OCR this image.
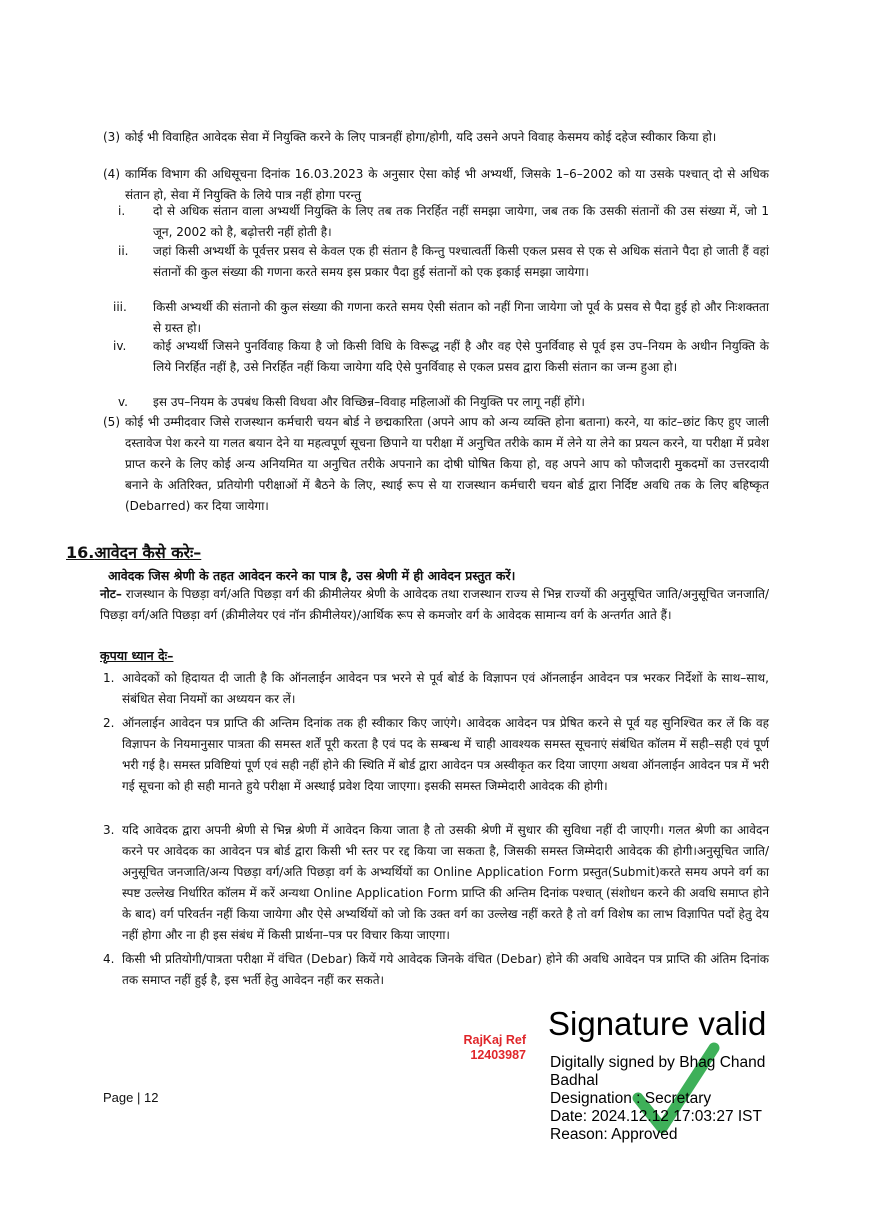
(3) कोई भी विवाहित आवेदक सेवा में नियुक्ति करने के लिए पात्रनहीं होगा/होगी, यदि उसने अपने विवाह केसमय कोई दहेज स्वीकार किया हो।
(4) कार्मिक विभाग की अधिसूचना दिनांक 16.03.2023 के अनुसार ऐसा कोई भी अभ्यर्थी, जिसके 1–6–2002 को या उसके पश्चात् दो से अधिक संतान हो, सेवा में नियुक्ति के लिये पात्र नहीं होगा परन्तु
i. दो से अधिक संतान वाला अभ्यर्थी नियुक्ति के लिए तब तक निरर्हित नहीं समझा जायेगा, जब तक कि उसकी संतानों की उस संख्या में, जो 1 जून, 2002 को है, बढ़ोत्तरी नहीं होती है।
ii. जहां किसी अभ्यर्थी के पूर्वत्तर प्रसव से केवल एक ही संतान है किन्तु पश्चात्वर्ती किसी एकल प्रसव से एक से अधिक संताने पैदा हो जाती हैं वहां संतानों की कुल संख्या की गणना करते समय इस प्रकार पैदा हुई संतानों को एक इकाई समझा जायेगा।
iii. किसी अभ्यर्थी की संतानो की कुल संख्या की गणना करते समय ऐसी संतान को नहीं गिना जायेगा जो पूर्व के प्रसव से पैदा हुई हो और निःशक्तता से ग्रस्त हो।
iv. कोई अभ्यर्थी जिसने पुनर्विवाह किया है जो किसी विधि के विरूद्ध नहीं है और वह ऐसे पुनर्विवाह से पूर्व इस उप–नियम के अधीन नियुक्ति के लिये निरर्हित नहीं है, उसे निरर्हित नहीं किया जायेगा यदि ऐसे पुनर्विवाह से एकल प्रसव द्वारा किसी संतान का जन्म हुआ हो।
v. इस उप–नियम के उपबंध किसी विधवा और विच्छिन्न–विवाह महिलाओं की नियुक्ति पर लागू नहीं होंगे।
(5) कोई भी उम्मीदवार जिसे राजस्थान कर्मचारी चयन बोर्ड ने छद्मकारिता (अपने आप को अन्य व्यक्ति होना बताना) करने, या कांट–छांट किए हुए जाली दस्तावेज पेश करने या गलत बयान देने या महत्वपूर्ण सूचना छिपाने या परीक्षा में अनुचित तरीके काम में लेने या लेने का प्रयत्न करने, या परीक्षा में प्रवेश प्राप्त करने के लिए कोई अन्य अनियमित या अनुचित तरीके अपनाने का दोषी घोषित किया हो, वह अपने आप को फौजदारी मुकदमों का उत्तरदायी बनाने के अतिरिक्त, प्रतियोगी परीक्षाओं में बैठने के लिए, स्थाई रूप से या राजस्थान कर्मचारी चयन बोर्ड द्वारा निर्दिष्ट अवधि तक के लिए बहिष्कृत (Debarred) कर दिया जायेगा।
16.आवेदन कैसे करेः–
आवेदक जिस श्रेणी के तहत आवेदन करने का पात्र है, उस श्रेणी में ही आवेदन प्रस्तुत करें।
नोट– राजस्थान के पिछड़ा वर्ग/अति पिछड़ा वर्ग की क्रीमीलेयर श्रेणी के आवेदक तथा राजस्थान राज्य से भिन्न राज्यों की अनुसूचित जाति/अनुसूचित जनजाति/पिछड़ा वर्ग/अति पिछड़ा वर्ग (क्रीमीलेयर एवं नॉन क्रीमीलेयर)/आर्थिक रूप से कमजोर वर्ग के आवेदक सामान्य वर्ग के अन्तर्गत आते हैं।
कृपया ध्यान देः–
1. आवेदकों को हिदायत दी जाती है कि ऑनलाईन आवेदन पत्र भरने से पूर्व बोर्ड के विज्ञापन एवं ऑनलाईन आवेदन पत्र भरकर निर्देशों के साथ–साथ, संबंधित सेवा नियमों का अध्ययन कर लें।
2. ऑनलाईन आवेदन पत्र प्राप्ति की अन्तिम दिनांक तक ही स्वीकार किए जाएंगे। आवेदक आवेदन पत्र प्रेषित करने से पूर्व यह सुनिश्चित कर लें कि वह विज्ञापन के नियमानुसार पात्रता की समस्त शर्तें पूरी करता है एवं पद के सम्बन्ध में चाही आवश्यक समस्त सूचनाएं संबंधित कॉलम में सही–सही एवं पूर्ण भरी गई है। समस्त प्रविष्टियां पूर्ण एवं सही नहीं होने की स्थिति में बोर्ड द्वारा आवेदन पत्र अस्वीकृत कर दिया जाएगा अथवा ऑनलाईन आवेदन पत्र में भरी गई सूचना को ही सही मानते हुये परीक्षा में अस्थाई प्रवेश दिया जाएगा। इसकी समस्त जिम्मेदारी आवेदक की होगी।
3. यदि आवेदक द्वारा अपनी श्रेणी से भिन्न श्रेणी में आवेदन किया जाता है तो उसकी श्रेणी में सुधार की सुविधा नहीं दी जाएगी। गलत श्रेणी का आवेदन करने पर आवेदक का आवेदन पत्र बोर्ड द्वारा किसी भी स्तर पर रद्द किया जा सकता है, जिसकी समस्त जिम्मेदारी आवेदक की होगी।अनुसूचित जाति/अनुसूचित जनजाति/अन्य पिछड़ा वर्ग/अति पिछड़ा वर्ग के अभ्यर्थियों का Online Application Form प्रस्तुत(Submit)करते समय अपने वर्ग का स्पष्ट उल्लेख निर्धारित कॉलम में करें अन्यथा Online Application Form प्राप्ति की अन्तिम दिनांक पश्चात् (संशोधन करने की अवधि समाप्त होने के बाद) वर्ग परिवर्तन नहीं किया जायेगा और ऐसे अभ्यर्थियों को जो कि उक्त वर्ग का उल्लेख नहीं करते है तो वर्ग विशेष का लाभ विज्ञापित पदों हेतु देय नहीं होगा और ना ही इस संबंध में किसी प्रार्थना–पत्र पर विचार किया जाएगा।
4. किसी भी प्रतियोगी/पात्रता परीक्षा में वंचित (Debar) कियें गये आवेदक जिनके वंचित (Debar) होने की अवधि आवेदन पत्र प्राप्ति की अंतिम दिनांक तक समाप्त नहीं हुई है, इस भर्ती हेतु आवेदन नहीं कर सकते।
Page | 12
RajKaj Ref
12403987
Signature valid
Digitally signed by Bhag Chand
Badhal
Designation : Secretary
Date: 2024.12.12 17:03:27 IST
Reason: Approved
